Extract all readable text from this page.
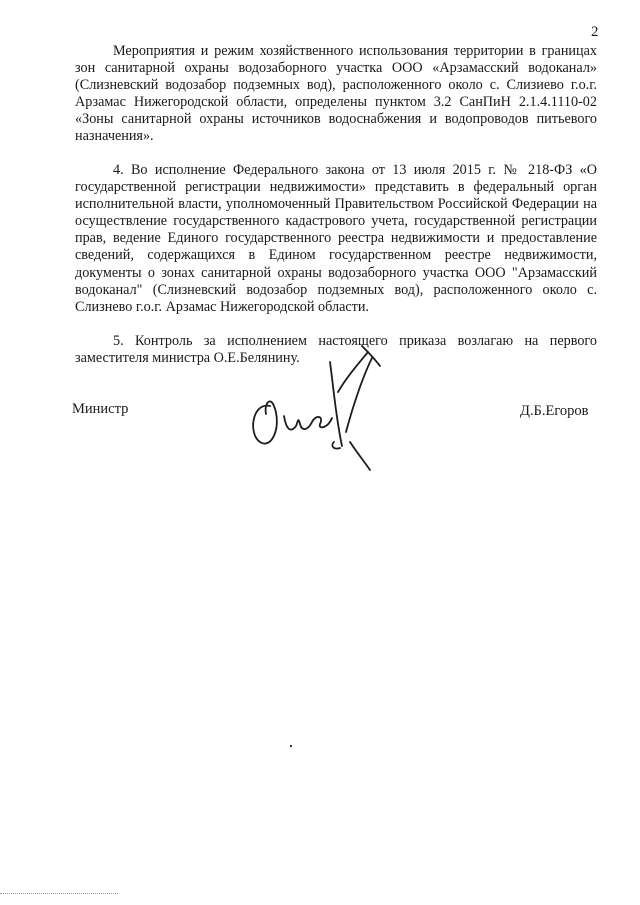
2

Мероприятия и режим хозяйственного использования территории в границах зон санитарной охраны водозаборного участка ООО «Арзамасский водоканал» (Слизневский водозабор подземных вод), расположенного около с. Слизиево г.о.г. Арзамас Нижегородской области, определены пунктом 3.2 СанПиН 2.1.4.1110-02 «Зоны санитарной охраны источников водоснабжения и водопроводов питьевого назначения».

4. Во исполнение Федерального закона от 13 июля 2015 г. № 218-ФЗ «О государственной регистрации недвижимости» представить в федеральный орган исполнительной власти, уполномоченный Правительством Российской Федерации на осуществление государственного кадастрового учета, государственной регистрации прав, ведение Единого государственного реестра недвижимости и предоставление сведений, содержащихся в Едином государственном реестре недвижимости, документы о зонах санитарной охраны водозаборного участка ООО "Арзамасский водоканал" (Слизневский водозабор подземных вод), расположенного около с. Слизнево г.о.г. Арзамас Нижегородской области.

5. Контроль за исполнением настоящего приказа возлагаю на первого заместителя министра О.Е.Белянину.

Министр	Д.Б.Егоров
